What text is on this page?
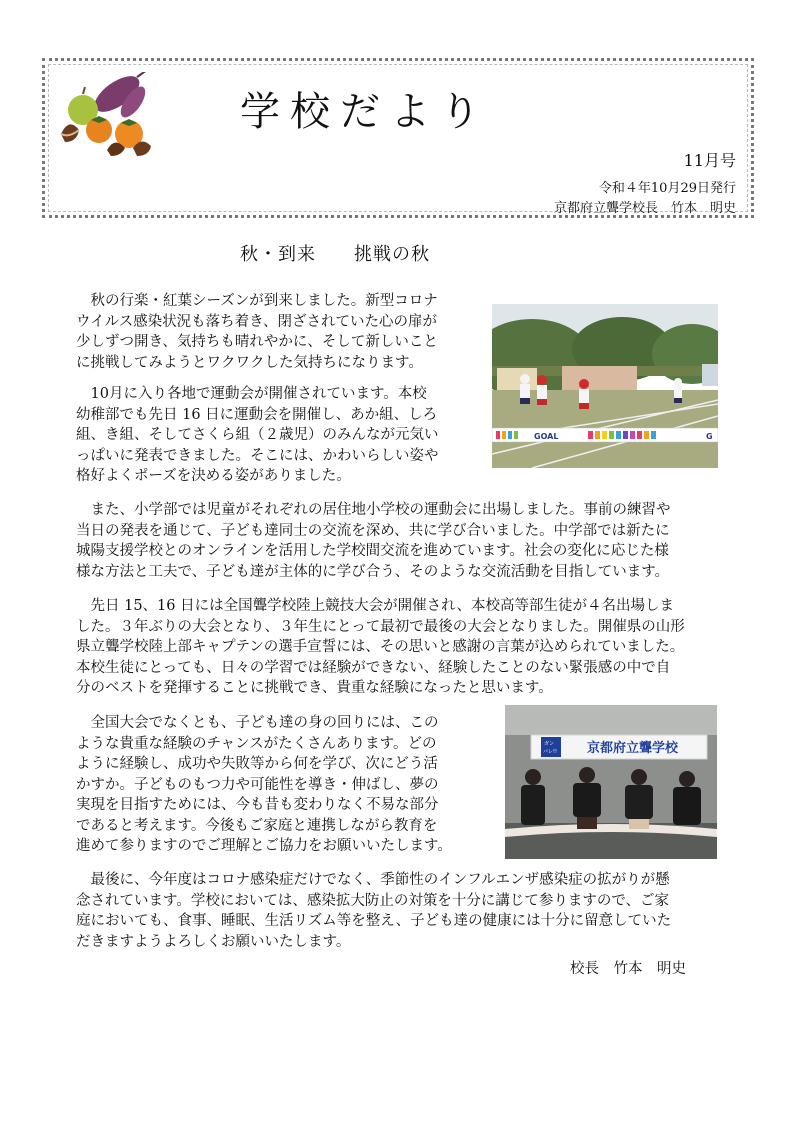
学校だより
11月号
令和４年10月29日発行
京都府立聾学校長　竹本　明史
秋・到来　　挑戦の秋
　秋の行楽・紅葉シーズンが到来しました。新型コロナ
ウイルス感染状況も落ち着き、閉ざされていた心の扉が
少しずつ開き、気持ちも晴れやかに、そして新しいこと
に挑戦してみようとワクワクした気持ちになります。
　10月に入り各地で運動会が開催されています。本校
幼稚部でも先日 16 日に運動会を開催し、あか組、しろ
組、き組、そしてさくら組（２歳児）のみんなが元気い
っぱいに発表できました。そこには、かわいらしい姿や
格好よくポーズを決める姿がありました。
GOAL	G
　また、小学部では児童がそれぞれの居住地小学校の運動会に出場しました。事前の練習や
当日の発表を通じて、子ども達同士の交流を深め、共に学び合いました。中学部では新たに
城陽支援学校とのオンラインを活用した学校間交流を進めています。社会の変化に応じた様
様な方法と工夫で、子ども達が主体的に学び合う、そのような交流活動を目指しています。
　先日 15、16 日には全国聾学校陸上競技大会が開催され、本校高等部生徒が４名出場しま
した。３年ぶりの大会となり、３年生にとって最初で最後の大会となりました。開催県の山形
県立聾学校陸上部キャプテンの選手宣誓には、その思いと感謝の言葉が込められていました。
本校生徒にとっても、日々の学習では経験ができない、経験したことのない緊張感の中で自
分のベストを発揮することに挑戦でき、貴重な経験になったと思います。
　全国大会でなくとも、子ども達の身の回りには、この
ような貴重な経験のチャンスがたくさんあります。どの
ように経験し、成功や失敗等から何を学び、次にどう活
かすか。子どものもつ力や可能性を導き・伸ばし、夢の
実現を目指すためには、今も昔も変わりなく不易な部分
であると考えます。今後もご家庭と連携しながら教育を
進めて参りますのでご理解とご協力をお願いいたします。
ガン
バレ!! 京都府立聾学校
　最後に、今年度はコロナ感染症だけでなく、季節性のインフルエンザ感染症の拡がりが懸
念されています。学校においては、感染拡大防止の対策を十分に講じて参りますので、ご家
庭においても、食事、睡眠、生活リズム等を整え、子ども達の健康には十分に留意していた
だきますようよろしくお願いいたします。
校長　竹本　明史
